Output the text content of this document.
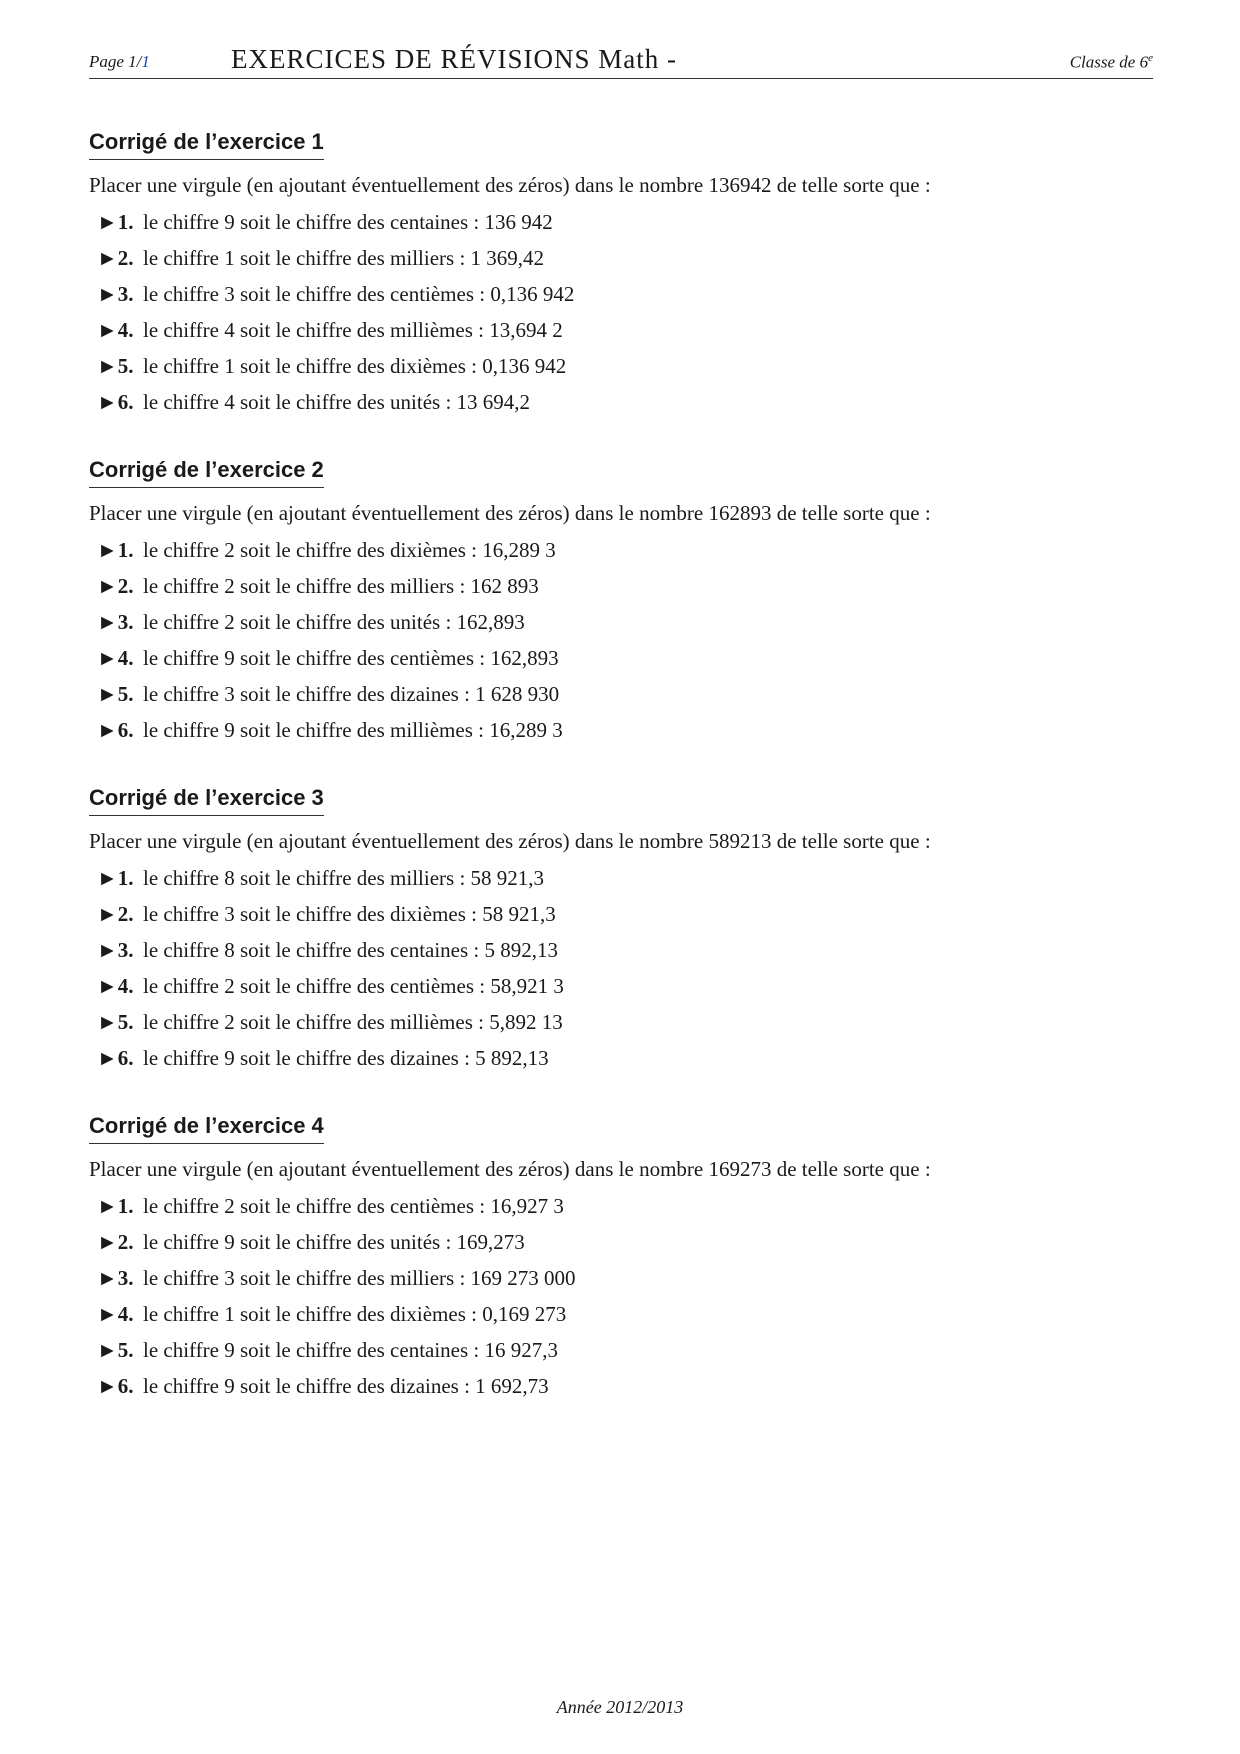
Page 1/1	EXERCICES DE RÉVISIONS Math -	Classe de 6e
Corrigé de l’exercice 1
Placer une virgule (en ajoutant éventuellement des zéros) dans le nombre 136942 de telle sorte que :
►1. le chiffre 9 soit le chiffre des centaines : 136 942
►2. le chiffre 1 soit le chiffre des milliers : 1 369,42
►3. le chiffre 3 soit le chiffre des centièmes : 0,136 942
►4. le chiffre 4 soit le chiffre des millièmes : 13,694 2
►5. le chiffre 1 soit le chiffre des dixièmes : 0,136 942
►6. le chiffre 4 soit le chiffre des unités : 13 694,2
Corrigé de l’exercice 2
Placer une virgule (en ajoutant éventuellement des zéros) dans le nombre 162893 de telle sorte que :
►1. le chiffre 2 soit le chiffre des dixièmes : 16,289 3
►2. le chiffre 2 soit le chiffre des milliers : 162 893
►3. le chiffre 2 soit le chiffre des unités : 162,893
►4. le chiffre 9 soit le chiffre des centièmes : 162,893
►5. le chiffre 3 soit le chiffre des dizaines : 1 628 930
►6. le chiffre 9 soit le chiffre des millièmes : 16,289 3
Corrigé de l’exercice 3
Placer une virgule (en ajoutant éventuellement des zéros) dans le nombre 589213 de telle sorte que :
►1. le chiffre 8 soit le chiffre des milliers : 58 921,3
►2. le chiffre 3 soit le chiffre des dixièmes : 58 921,3
►3. le chiffre 8 soit le chiffre des centaines : 5 892,13
►4. le chiffre 2 soit le chiffre des centièmes : 58,921 3
►5. le chiffre 2 soit le chiffre des millièmes : 5,892 13
►6. le chiffre 9 soit le chiffre des dizaines : 5 892,13
Corrigé de l’exercice 4
Placer une virgule (en ajoutant éventuellement des zéros) dans le nombre 169273 de telle sorte que :
►1. le chiffre 2 soit le chiffre des centièmes : 16,927 3
►2. le chiffre 9 soit le chiffre des unités : 169,273
►3. le chiffre 3 soit le chiffre des milliers : 169 273 000
►4. le chiffre 1 soit le chiffre des dixièmes : 0,169 273
►5. le chiffre 9 soit le chiffre des centaines : 16 927,3
►6. le chiffre 9 soit le chiffre des dizaines : 1 692,73
Année 2012/2013
